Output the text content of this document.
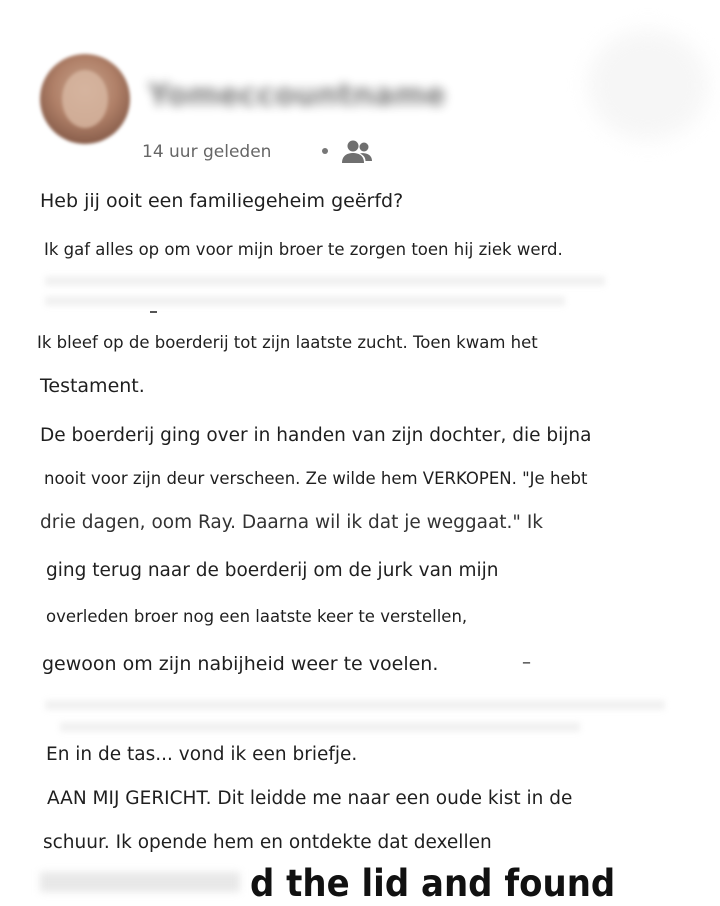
Yomeccountname
14 uur geleden
Heb jij ooit een familiegeheim geërfd?
Ik gaf alles op om voor mijn broer te zorgen toen hij ziek werd.
Ik bleef op de boerderij tot zijn laatste zucht. Toen kwam het
Testament.
De boerderij ging over in handen van zijn dochter, die bijna
nooit voor zijn deur verscheen. Ze wilde hem VERKOPEN. "Je hebt
drie dagen, oom Ray. Daarna wil ik dat je weggaat." Ik
ging terug naar de boerderij om de jurk van mijn
overleden broer nog een laatste keer te verstellen,
gewoon om zijn nabijheid weer te voelen.	–
En in de tas... vond ik een briefje.
AAN MIJ GERICHT. Dit leidde me naar een oude kist in de
schuur. Ik opende hem en ontdekte dat dexellen
d the lid and found
